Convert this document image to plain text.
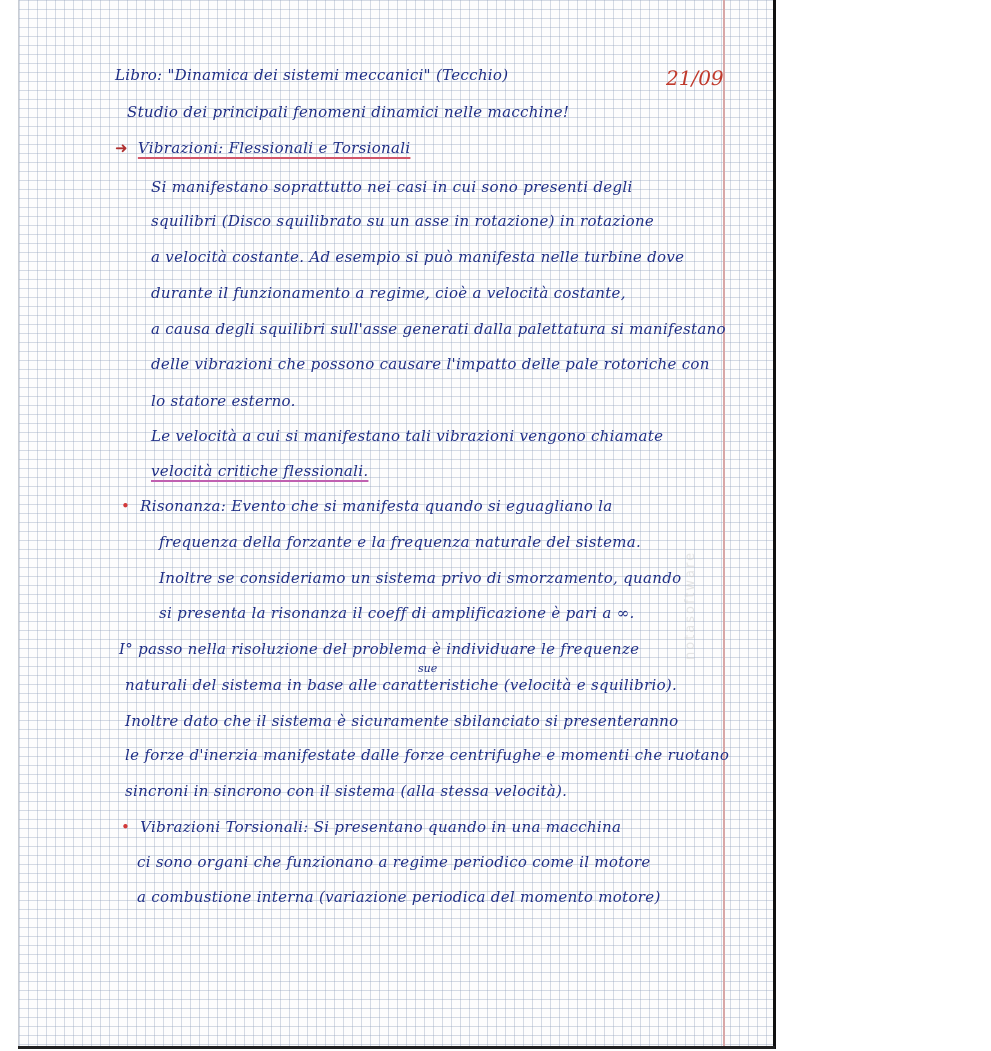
notasoftware
Libro: "Dinamica dei sistemi meccanici" (Tecchio)	21/09
Studio dei principali fenomeni dinamici nelle macchine!
➜ Vibrazioni: Flessionali e Torsionali
Si manifestano soprattutto nei casi in cui sono presenti degli
squilibri (Disco squilibrato su un asse in rotazione) in rotazione
a velocità costante. Ad esempio si può manifesta nelle turbine dove
durante il funzionamento a regime, cioè a velocità costante,
a causa degli squilibri sull'asse generati dalla palettatura si manifestano
delle vibrazioni che possono causare l'impatto delle pale rotoriche con
lo statore esterno.
Le velocità a cui si manifestano tali vibrazioni vengono chiamate
velocità critiche flessionali.
• Risonanza: Evento che si manifesta quando si eguagliano la
frequenza della forzante e la frequenza naturale del sistema.
Inoltre se consideriamo un sistema privo di smorzamento, quando
si presenta la risonanza il coeff di amplificazione è pari a ∞.
I° passo nella risoluzione del problema è individuare le frequenze
sue
naturali del sistema in base alle caratteristiche (velocità e squilibrio).
Inoltre dato che il sistema è sicuramente sbilanciato si presenteranno
le forze d'inerzia manifestate dalle forze centrifughe e momenti che ruotano
sincroni in sincrono con il sistema (alla stessa velocità).
• Vibrazioni Torsionali: Si presentano quando in una macchina
ci sono organi che funzionano a regime periodico come il motore
a combustione interna (variazione periodica del momento motore)
